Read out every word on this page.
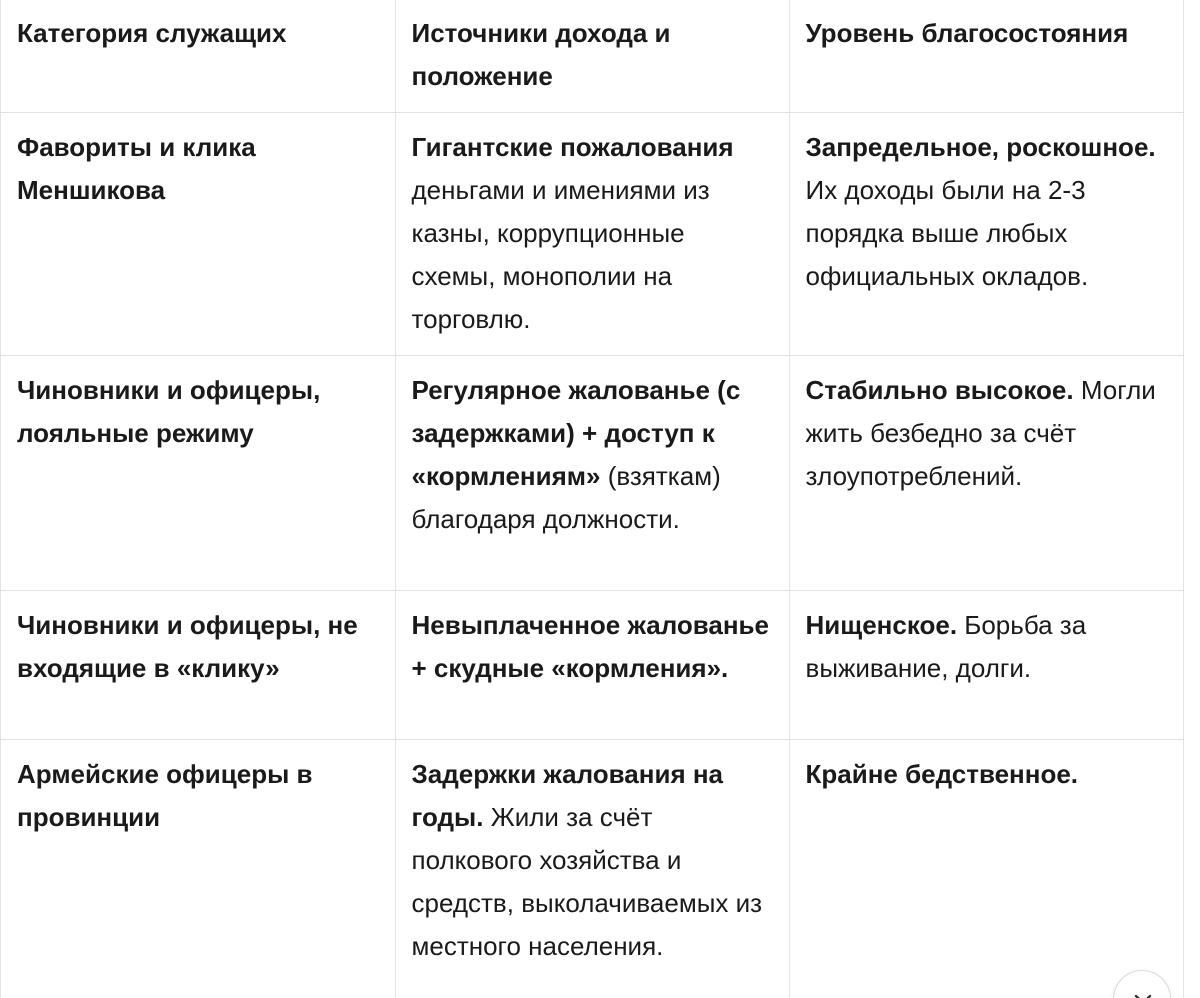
Категория служащих	Источники дохода и положение	Уровень благосостояния
Фавориты и клика Меншикова	Гигантские пожалования деньгами и имениями из казны, коррупционные схемы, монополии на торговлю.	Запредельное, роскошное. Их доходы были на 2-3 порядка выше любых официальных окладов.
Чиновники и офицеры, лояльные режиму	Регулярное жалованье (с задержками) + доступ к «кормлениям» (взяткам) благодаря должности.	Стабильно высокое. Могли жить безбедно за счёт злоупотреблений.
Чиновники и офицеры, не входящие в «клику»	Невыплаченное жалованье + скудные «кормления».	Нищенское. Борьба за выживание, долги.
Армейские офицеры в провинции	Задержки жалования на годы. Жили за счёт полкового хозяйства и средств, выколачиваемых из местного населения.	Крайне бедственное.
